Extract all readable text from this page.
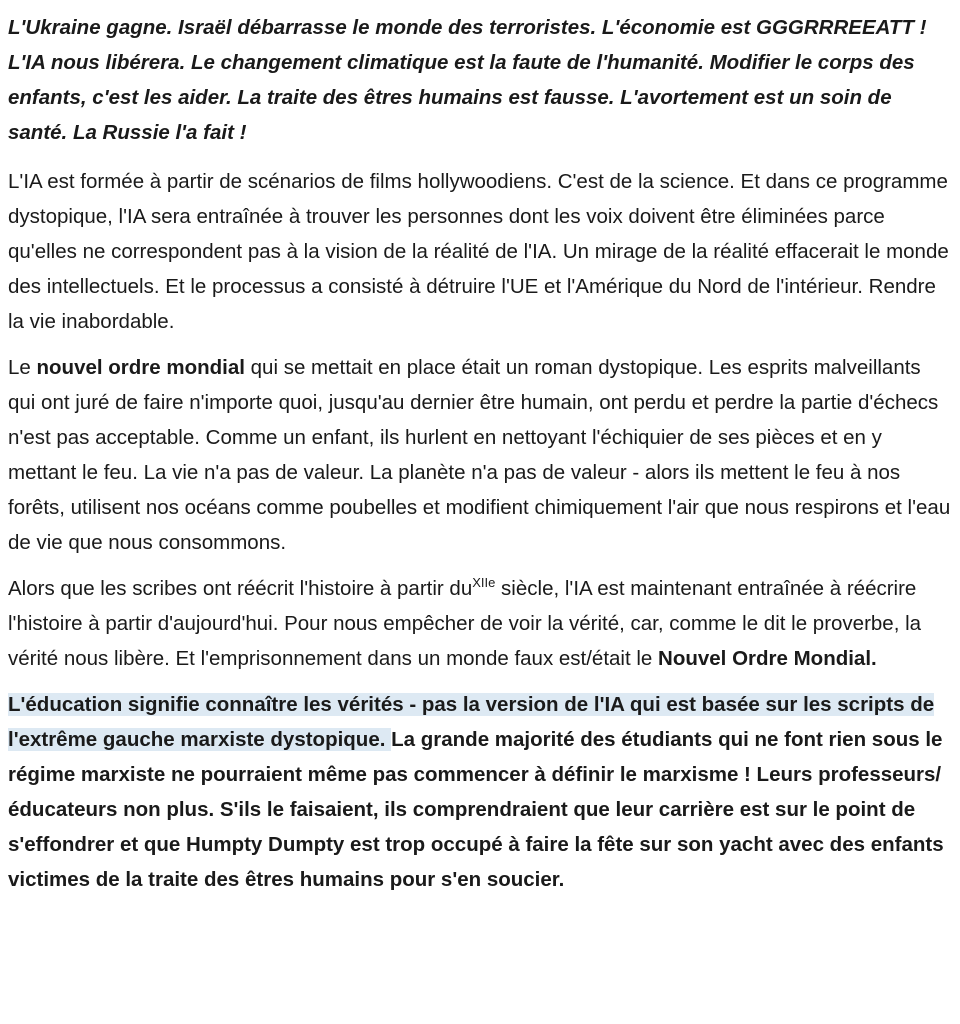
L'Ukraine gagne. Israël débarrasse le monde des terroristes. L'économie est GGGRRREEATT ! L'IA nous libérera. Le changement climatique est la faute de l'humanité. Modifier le corps des enfants, c'est les aider. La traite des êtres humains est fausse. L'avortement est un soin de santé. La Russie l'a fait !

L'IA est formée à partir de scénarios de films hollywoodiens. C'est de la science. Et dans ce programme dystopique, l'IA sera entraînée à trouver les personnes dont les voix doivent être éliminées parce qu'elles ne correspondent pas à la vision de la réalité de l'IA. Un mirage de la réalité effacerait le monde des intellectuels. Et le processus a consisté à détruire l'UE et l'Amérique du Nord de l'intérieur. Rendre la vie inabordable.

Le nouvel ordre mondial qui se mettait en place était un roman dystopique. Les esprits malveillants qui ont juré de faire n'importe quoi, jusqu'au dernier être humain, ont perdu et perdre la partie d'échecs n'est pas acceptable. Comme un enfant, ils hurlent en nettoyant l'échiquier de ses pièces et en y mettant le feu. La vie n'a pas de valeur. La planète n'a pas de valeur - alors ils mettent le feu à nos forêts, utilisent nos océans comme poubelles et modifient chimiquement l'air que nous respirons et l'eau de vie que nous consommons.

Alors que les scribes ont réécrit l'histoire à partir $du^{XIIe}$ siècle, l'IA est maintenant entraînée à réécrire l'histoire à partir d'aujourd'hui. Pour nous empêcher de voir la vérité, car, comme le dit le proverbe, la vérité nous libère. Et l'emprisonnement dans un monde faux est/était le Nouvel Ordre Mondial.

L'éducation signifie connaître les vérités - pas la version de l'IA qui est basée sur les scripts de l'extrême gauche marxiste dystopique. La grande majorité des étudiants qui ne font rien sous le régime marxiste ne pourraient même pas commencer à définir le marxisme ! Leurs professeurs/éducateurs non plus. S'ils le faisaient, ils comprendraient que leur carrière est sur le point de s'effondrer et que Humpty Dumpty est trop occupé à faire la fête sur son yacht avec des enfants victimes de la traite des êtres humains pour s'en soucier.
